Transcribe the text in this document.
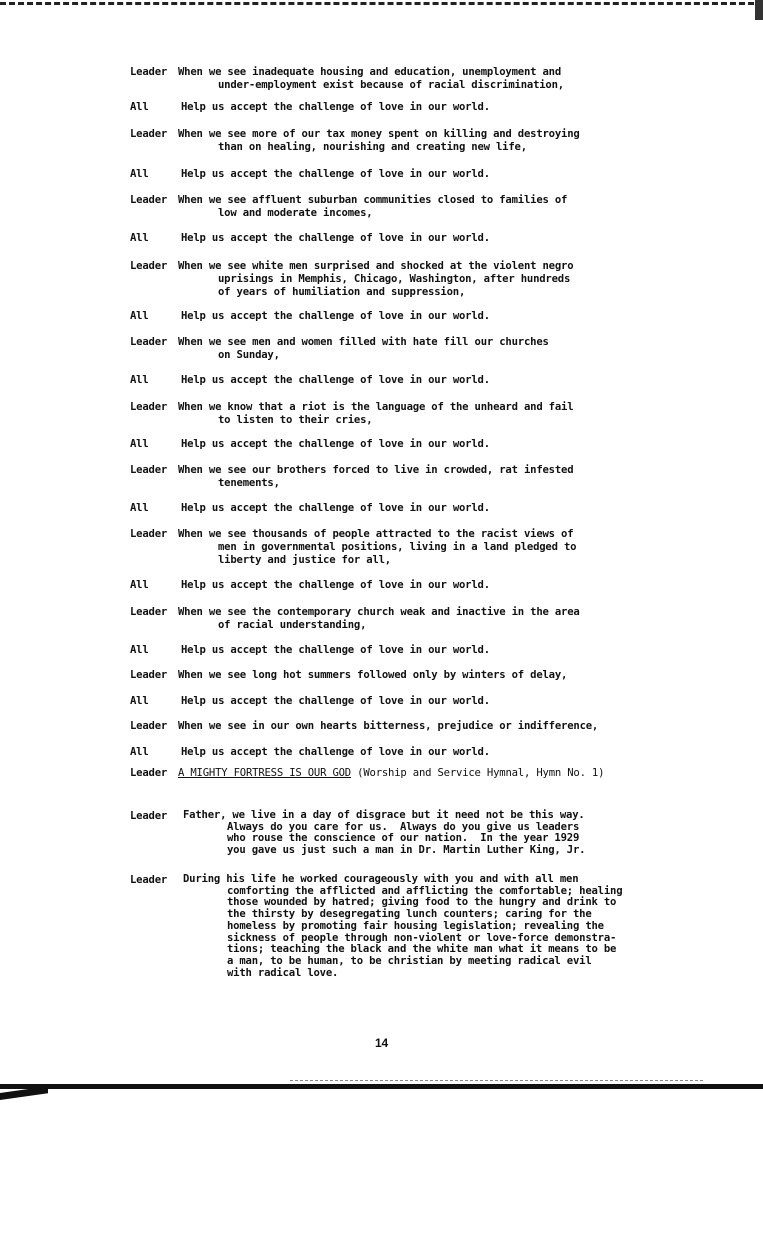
Leader When we see inadequate housing and education, unemployment and
under-employment exist because of racial discrimination,
All	Help us accept the challenge of love in our world.
Leader When we see more of our tax money spent on killing and destroying
than on healing, nourishing and creating new life,
All	Help us accept the challenge of love in our world.
Leader When we see affluent suburban communities closed to families of
low and moderate incomes,
All	Help us accept the challenge of love in our world.
Leader When we see white men surprised and shocked at the violent negro
uprisings in Memphis, Chicago, Washington, after hundreds
of years of humiliation and suppression,
All	Help us accept the challenge of love in our world.
Leader When we see men and women filled with hate fill our churches
on Sunday,
All	Help us accept the challenge of love in our world.
Leader When we know that a riot is the language of the unheard and fail
to listen to their cries,
All	Help us accept the challenge of love in our world.
Leader When we see our brothers forced to live in crowded, rat infested
tenements,
All	Help us accept the challenge of love in our world.
Leader When we see thousands of people attracted to the racist views of
men in governmental positions, living in a land pledged to
liberty and justice for all,
All	Help us accept the challenge of love in our world.
Leader When we see the contemporary church weak and inactive in the area
of racial understanding,
All	Help us accept the challenge of love in our world.
Leader When we see long hot summers followed only by winters of delay,
All	Help us accept the challenge of love in our world.
Leader When we see in our own hearts bitterness, prejudice or indifference,
All	Help us accept the challenge of love in our world.
Leader A MIGHTY FORTRESS IS OUR GOD (Worship and Service Hymnal, Hymn No. 1)
Leader Father, we live in a day of disgrace but it need not be this way.
Always do you care for us.  Always do you give us leaders
who rouse the conscience of our nation.  In the year 1929
you gave us just such a man in Dr. Martin Luther King, Jr.
Leader During his life he worked courageously with you and with all men
comforting the afflicted and afflicting the comfortable; healing
those wounded by hatred; giving food to the hungry and drink to
the thirsty by desegregating lunch counters; caring for the
homeless by promoting fair housing legislation; revealing the
sickness of people through non-violent or love-force demonstra-
tions; teaching the black and the white man what it means to be
a man, to be human, to be christian by meeting radical evil
with radical love.
14
